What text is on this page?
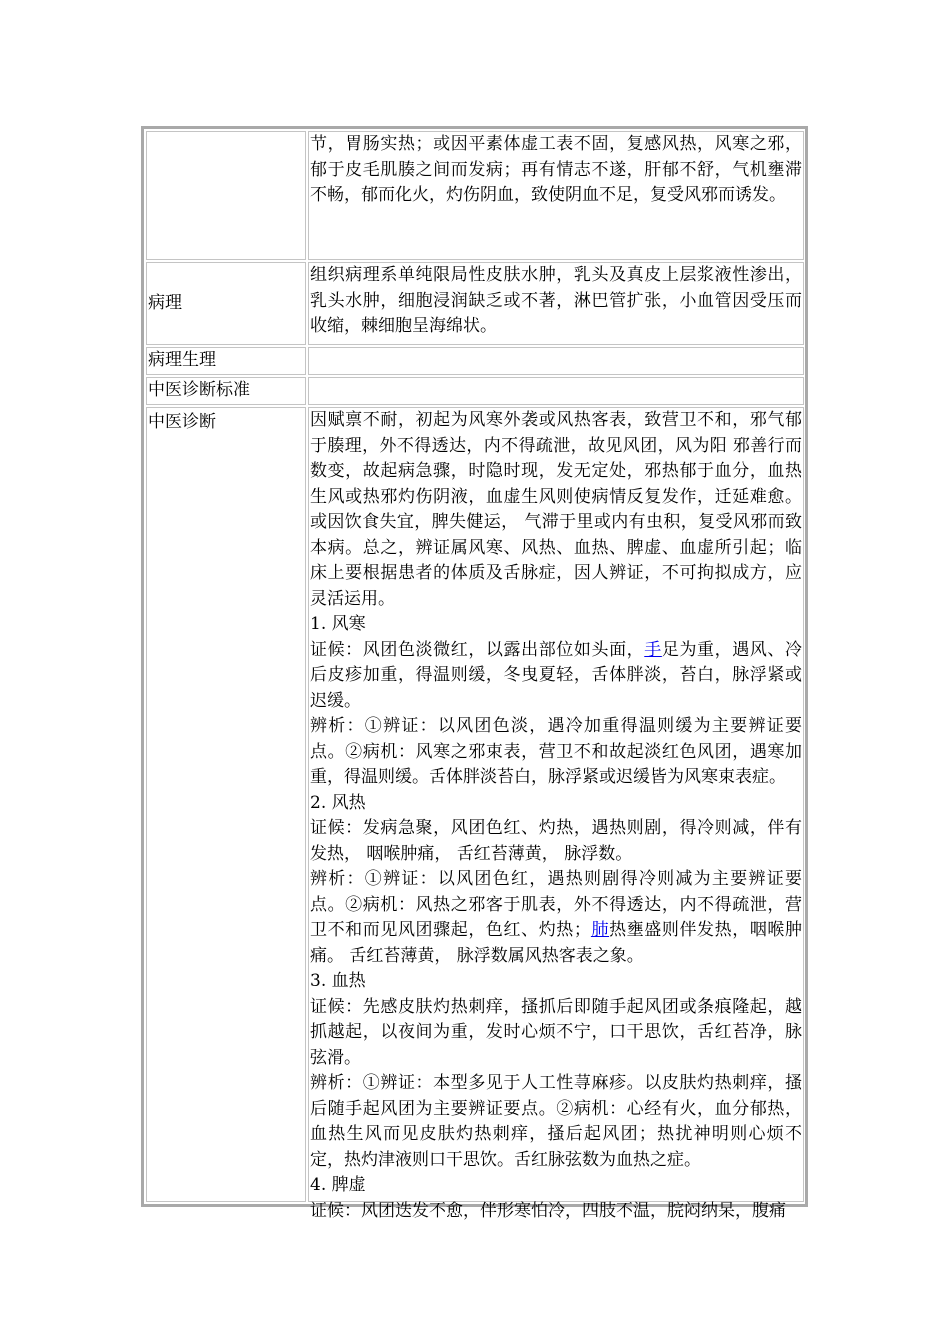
节，胃肠实热；或因平素体虚工表不固，复感风热，风寒之邪，郁于皮毛肌腠之间而发病；再有情志不遂，肝郁不舒，气机壅滞不畅，郁而化火，灼伤阴血，致使阴血不足，复受风邪而诱发。

病理

组织病理系单纯限局性皮肤水肿，乳头及真皮上层浆液性渗出，乳头水肿，细胞浸润缺乏或不著，淋巴管扩张，小血管因受压而收缩，棘细胞呈海绵状。

病理生理

中医诊断标准

中医诊断	因赋禀不耐，初起为风寒外袭或风热客表，致营卫不和，邪气郁于腠理，外不得透达，内不得疏泄，故见风团，风为阳 邪善行而数变，故起病急骤，时隐时现，发无定处，邪热郁于血分，血热生风或热邪灼伤阴液，血虚生风则使病情反复发作，迁延难愈。或因饮食失宜，脾失健运， 气滞于里或内有虫积，复受风邪而致本病。总之，辨证属风寒、风热、血热、脾虚、血虚所引起；临床上要根据患者的体质及舌脉症，因人辨证，不可拘拟成方，应 灵活运用。

1. 风寒

证候：风团色淡微红，以露出部位如头面，手足为重，遇风、冷后皮疹加重，得温则缓，冬曳夏轻，舌体胖淡，苔白，脉浮紧或迟缓。

辨析：①辨证：以风团色淡，遇冷加重得温则缓为主要辨证要点。②病机：风寒之邪束表，营卫不和故起淡红色风团，遇寒加重，得温则缓。舌体胖淡苔白，脉浮紧或迟缓皆为风寒束表症。

2. 风热

证候：发病急聚，风团色红、灼热，遇热则剧，得冷则减，伴有发热， 咽喉肿痛， 舌红苔薄黄， 脉浮数。

辨析：①辨证：以风团色红，遇热则剧得冷则减为主要辨证要点。②病机：风热之邪客于肌表，外不得透达，内不得疏泄，营卫不和而见风团骤起，色红、灼热；肺热壅盛则伴发热，咽喉肿痛。 舌红苔薄黄， 脉浮数属风热客表之象。

3. 血热

证候：先感皮肤灼热刺痒，搔抓后即随手起风团或条痕隆起，越抓越起，以夜间为重，发时心烦不宁，口干思饮，舌红苔净，脉弦滑。

辨析：①辨证：本型多见于人工性荨麻疹。以皮肤灼热刺痒，搔后随手起风团为主要辨证要点。②病机：心经有火，血分郁热，血热生风而见皮肤灼热刺痒，搔后起风团；热扰神明则心烦不定，热灼津液则口干思饮。舌红脉弦数为血热之症。

4. 脾虚

证候：风团迭发不愈，伴形寒怕冷，四肢不温，脘闷纳呆，腹痛
